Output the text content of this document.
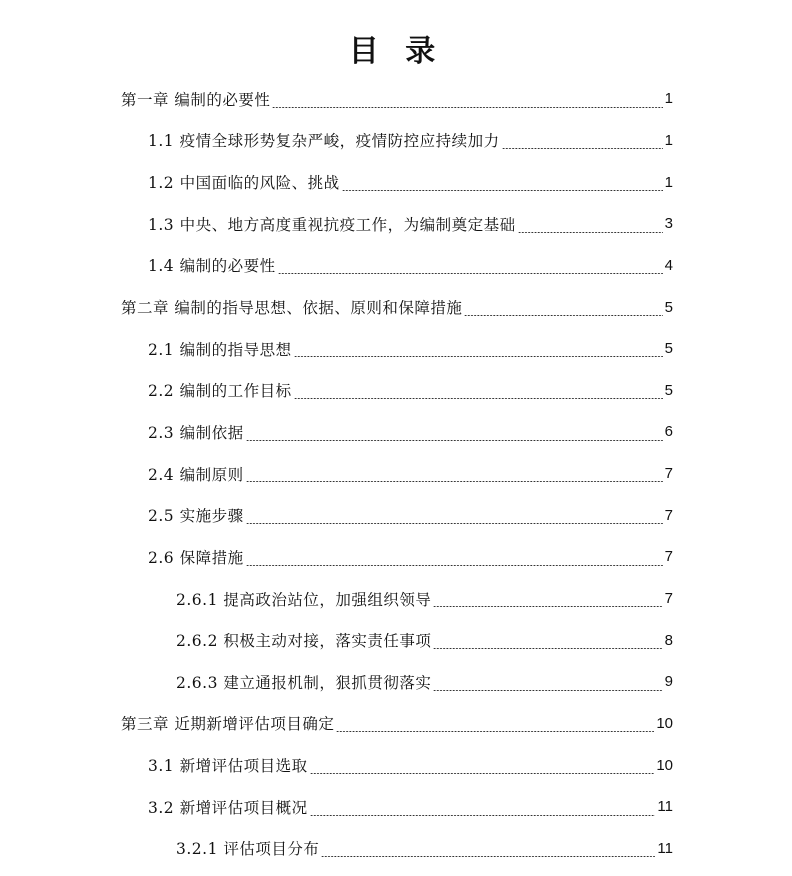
目 录
第一章 编制的必要性	1
1.1 疫情全球形势复杂严峻，疫情防控应持续加力	1
1.2 中国面临的风险、挑战	1
1.3 中央、地方高度重视抗疫工作，为编制奠定基础	3
1.4 编制的必要性	4
第二章 编制的指导思想、依据、原则和保障措施	5
2.1 编制的指导思想	5
2.2 编制的工作目标	5
2.3 编制依据	6
2.4 编制原则	7
2.5 实施步骤	7
2.6 保障措施	7
2.6.1 提高政治站位，加强组织领导	7
2.6.2 积极主动对接，落实责任事项	8
2.6.3 建立通报机制，狠抓贯彻落实	9
第三章 近期新增评估项目确定	10
3.1 新增评估项目选取	10
3.2 新增评估项目概况	11
3.2.1 评估项目分布	11
